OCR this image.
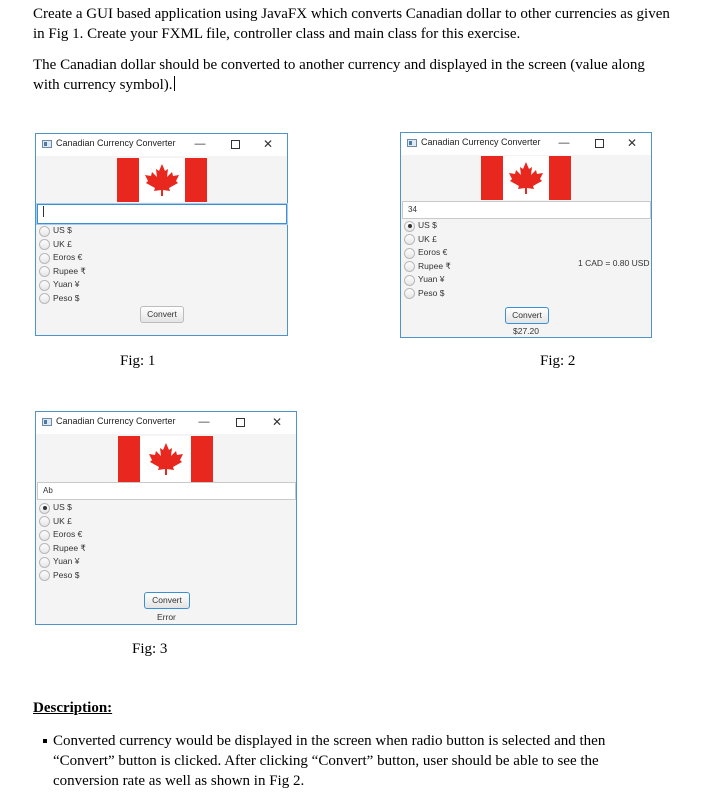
Create a GUI based application using JavaFX which converts Canadian dollar to other currencies as given in Fig 1. Create your FXML file, controller class and main class for this exercise.

The Canadian dollar should be converted to another currency and displayed in the screen (value along with currency symbol).

Canadian Currency Converter	—	✕
US $
UK £
Eoros €
Rupee ₹
Yuan ¥
Peso $
Convert
Fig: 1
Canadian Currency Converter	—	✕
34
US $
UK £
Eoros €
Rupee ₹
Yuan ¥
Peso $
1 CAD = 0.80 USD
Convert
$27.20
Fig: 2
Canadian Currency Converter	—	✕
Ab
US $
UK £
Eoros €
Rupee ₹
Yuan ¥
Peso $
Convert
Error
Fig: 3
Description:
Converted currency would be displayed in the screen when radio button is selected and then “Convert” button is clicked. After clicking “Convert” button, user should be able to see the conversion rate as well as shown in Fig 2.
